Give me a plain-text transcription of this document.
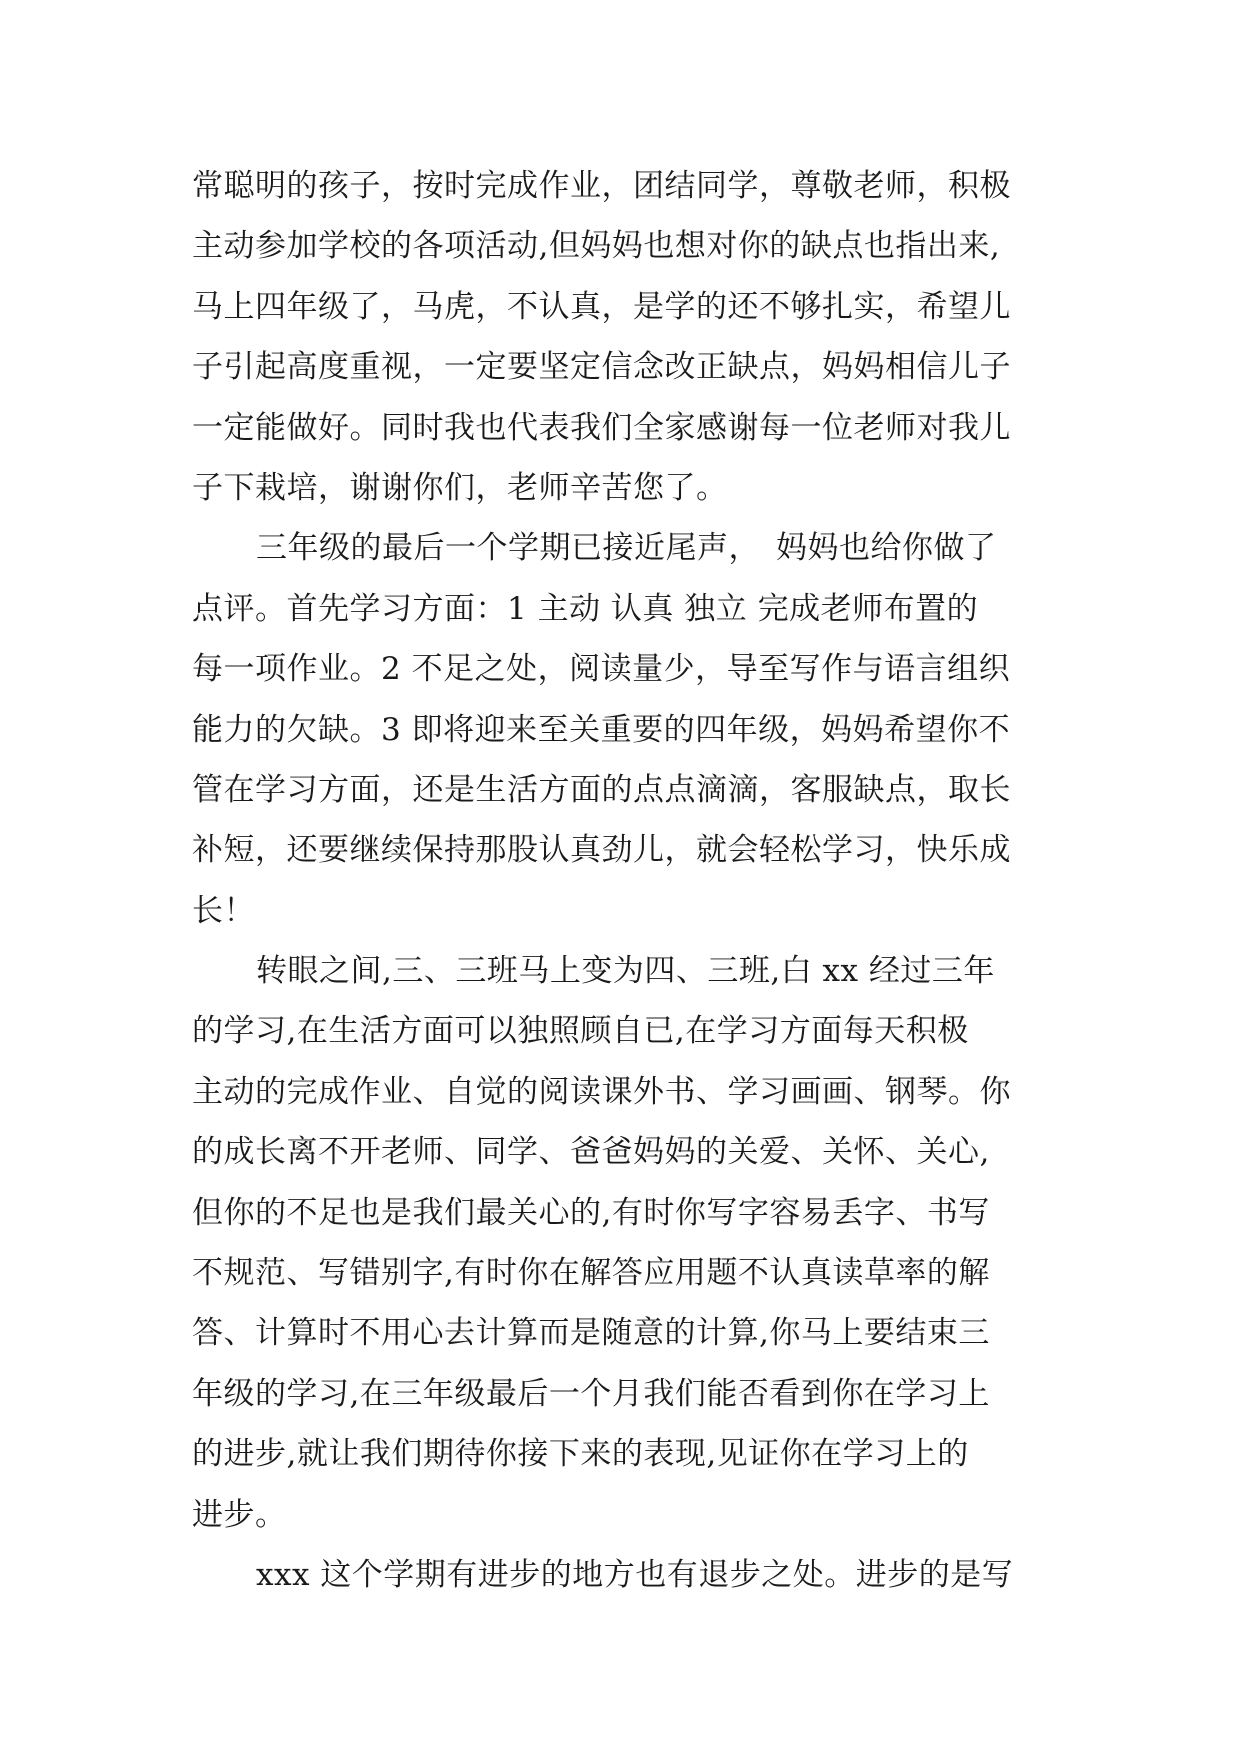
常聪明的孩子，按时完成作业，团结同学，尊敬老师，积极
主动参加学校的各项活动,但妈妈也想对你的缺点也指出来,
马上四年级了，马虎，不认真，是学的还不够扎实，希望儿
子引起高度重视，一定要坚定信念改正缺点，妈妈相信儿子
一定能做好。同时我也代表我们全家感谢每一位老师对我儿
子下栽培，谢谢你们，老师辛苦您了。
三年级的最后一个学期已接近尾声，　妈妈也给你做了
点评。首先学习方面：1 主动 认真 独立 完成老师布置的
每一项作业。2 不足之处，阅读量少，导至写作与语言组织
能力的欠缺。3 即将迎来至关重要的四年级，妈妈希望你不
管在学习方面，还是生活方面的点点滴滴，客服缺点，取长
补短，还要继续保持那股认真劲儿，就会轻松学习，快乐成
长！
转眼之间,三、三班马上变为四、三班,白 xx 经过三年
的学习,在生活方面可以独照顾自已,在学习方面每天积极
主动的完成作业、自觉的阅读课外书、学习画画、钢琴。你
的成长离不开老师、同学、爸爸妈妈的关爱、关怀、关心,
但你的不足也是我们最关心的,有时你写字容易丢字、书写
不规范、写错别字,有时你在解答应用题不认真读草率的解
答、计算时不用心去计算而是随意的计算,你马上要结束三
年级的学习,在三年级最后一个月我们能否看到你在学习上
的进步,就让我们期待你接下来的表现,见证你在学习上的
进步。
xxx 这个学期有进步的地方也有退步之处。进步的是写
